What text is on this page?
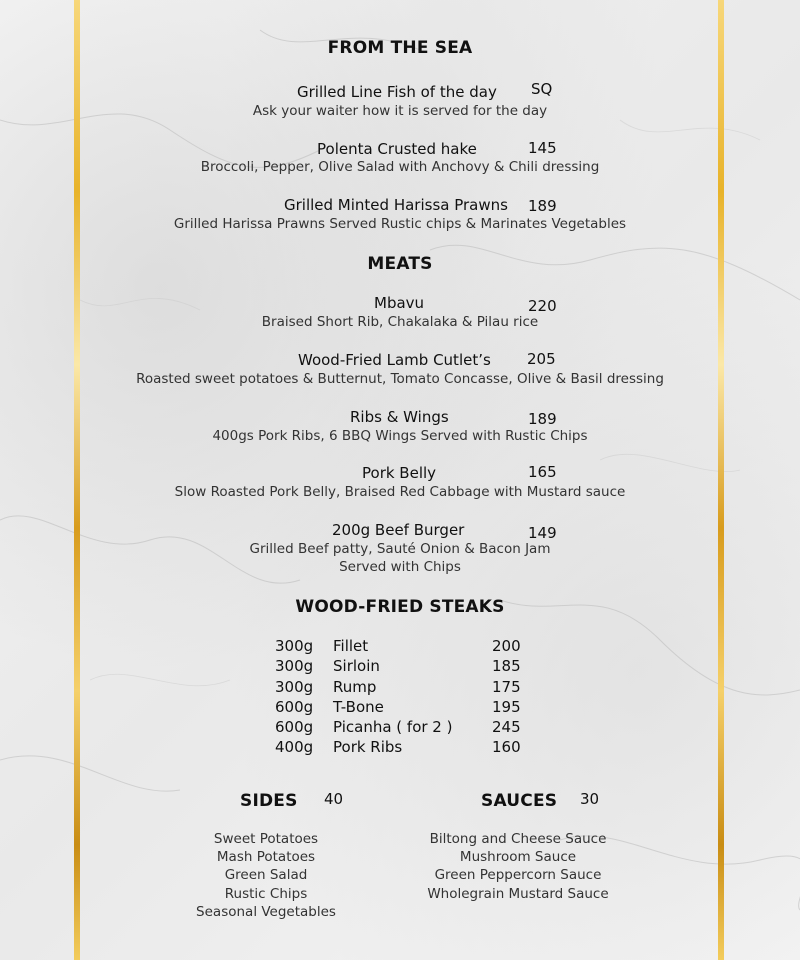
FROM THE SEA
Grilled Line Fish of the day SQ
Ask your waiter how it is served for the day
Polenta Crusted hake	145
Broccoli, Pepper, Olive Salad with Anchovy & Chili dressing
Grilled Minted Harissa Prawns 189
Grilled Harissa Prawns Served Rustic chips & Marinates Vegetables
MEATS
Mbavu	220
Braised Short Rib, Chakalaka & Pilau rice
Wood-Fried Lamb Cutlet’s 205
Roasted sweet potatoes & Butternut, Tomato Concasse, Olive & Basil dressing
Ribs & Wings	189
400gs Pork Ribs, 6 BBQ Wings Served with Rustic Chips
Pork Belly	165
Slow Roasted Pork Belly, Braised Red Cabbage with Mustard sauce
200g Beef Burger	149
Grilled Beef patty, Sauté Onion & Bacon Jam
Served with Chips
WOOD-FRIED STEAKS
300g Fillet	200
300g Sirloin	185
300g Rump	175
600g T-Bone	195
600g Picanha ( for 2 )	245
400g Pork Ribs	160
SIDES 40
Sweet Potatoes
Mash Potatoes
Green Salad
Rustic Chips
Seasonal Vegetables
SAUCES 30
Biltong and Cheese Sauce
Mushroom Sauce
Green Peppercorn Sauce
Wholegrain Mustard Sauce
